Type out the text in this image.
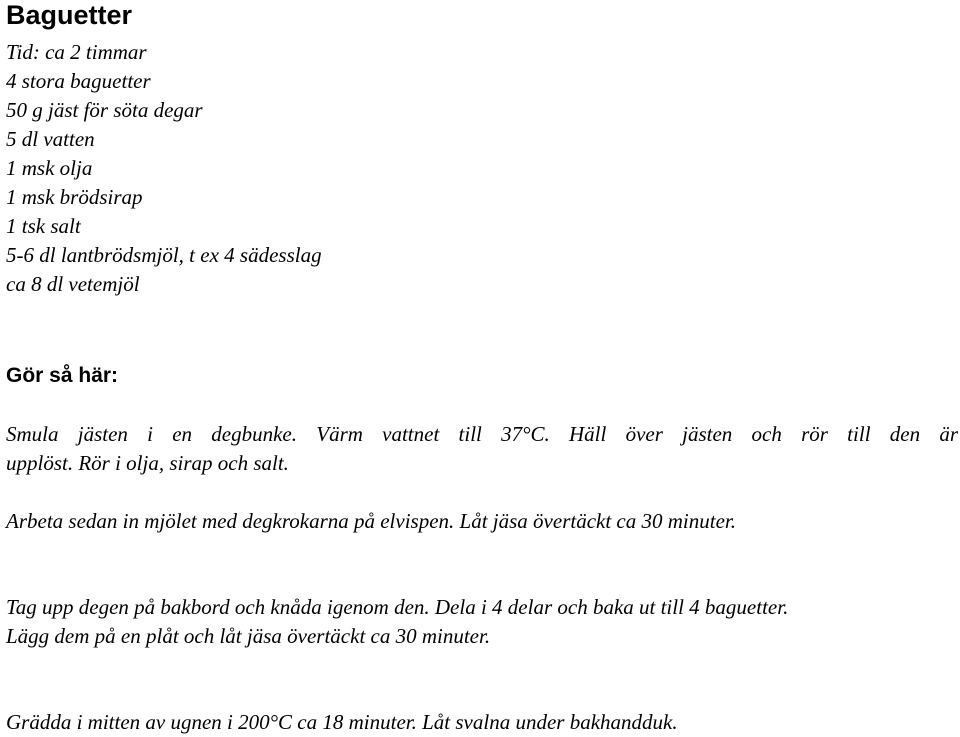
Baguetter
Tid: ca 2 timmar
4 stora baguetter
50 g jäst för söta degar
5 dl vatten
1 msk olja
1 msk brödsirap
1 tsk salt
5-6 dl lantbrödsmjöl, t ex 4 sädesslag
ca 8 dl vetemjöl
Gör så här:

Smula jästen i en degbunke. Värm vattnet till 37°C. Häll över jästen och rör till den är
upplöst. Rör i olja, sirap och salt.

Arbeta sedan in mjölet med degkrokarna på elvispen. Låt jäsa övertäckt ca 30 minuter.

Tag upp degen på bakbord och knåda igenom den. Dela i 4 delar och baka ut till 4 baguetter.
Lägg dem på en plåt och låt jäsa övertäckt ca 30 minuter.

Grädda i mitten av ugnen i 200°C ca 18 minuter. Låt svalna under bakhandduk.
